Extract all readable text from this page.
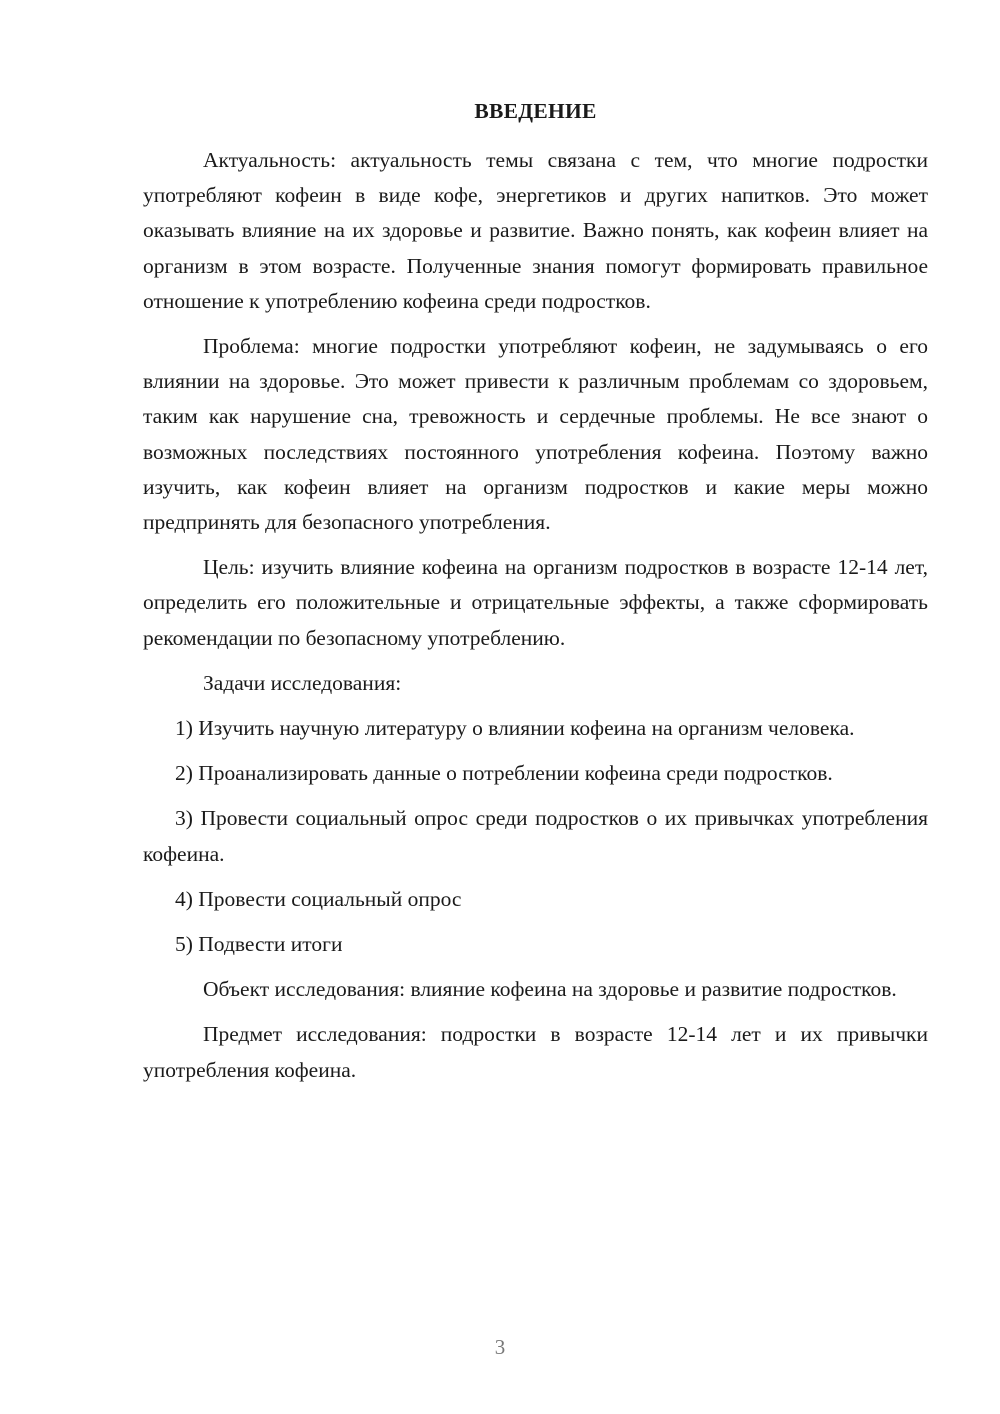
ВВЕДЕНИЕ

Актуальность: актуальность темы связана с тем, что многие подростки употребляют кофеин в виде кофе, энергетиков и других напитков. Это может оказывать влияние на их здоровье и развитие. Важно понять, как кофеин влияет на организм в этом возрасте. Полученные знания помогут формировать правильное отношение к употреблению кофеина среди подростков.

Проблема: многие подростки употребляют кофеин, не задумываясь о его влиянии на здоровье. Это может привести к различным проблемам со здоровьем, таким как нарушение сна, тревожность и сердечные проблемы. Не все знают о возможных последствиях постоянного употребления кофеина. Поэтому важно изучить, как кофеин влияет на организм подростков и какие меры можно предпринять для безопасного употребления.

Цель: изучить влияние кофеина на организм подростков в возрасте 12-14 лет, определить его положительные и отрицательные эффекты, а также сформировать рекомендации по безопасному употреблению.

Задачи исследования:

1) Изучить научную литературу о влиянии кофеина на организм человека.

2) Проанализировать данные о потреблении кофеина среди подростков.

3) Провести социальный опрос среди подростков о их привычках употребления кофеина.

4) Провести социальный опрос

5) Подвести итоги

Объект исследования: влияние кофеина на здоровье и развитие подростков.

Предмет исследования: подростки в возрасте 12-14 лет и их привычки употребления кофеина.

3
